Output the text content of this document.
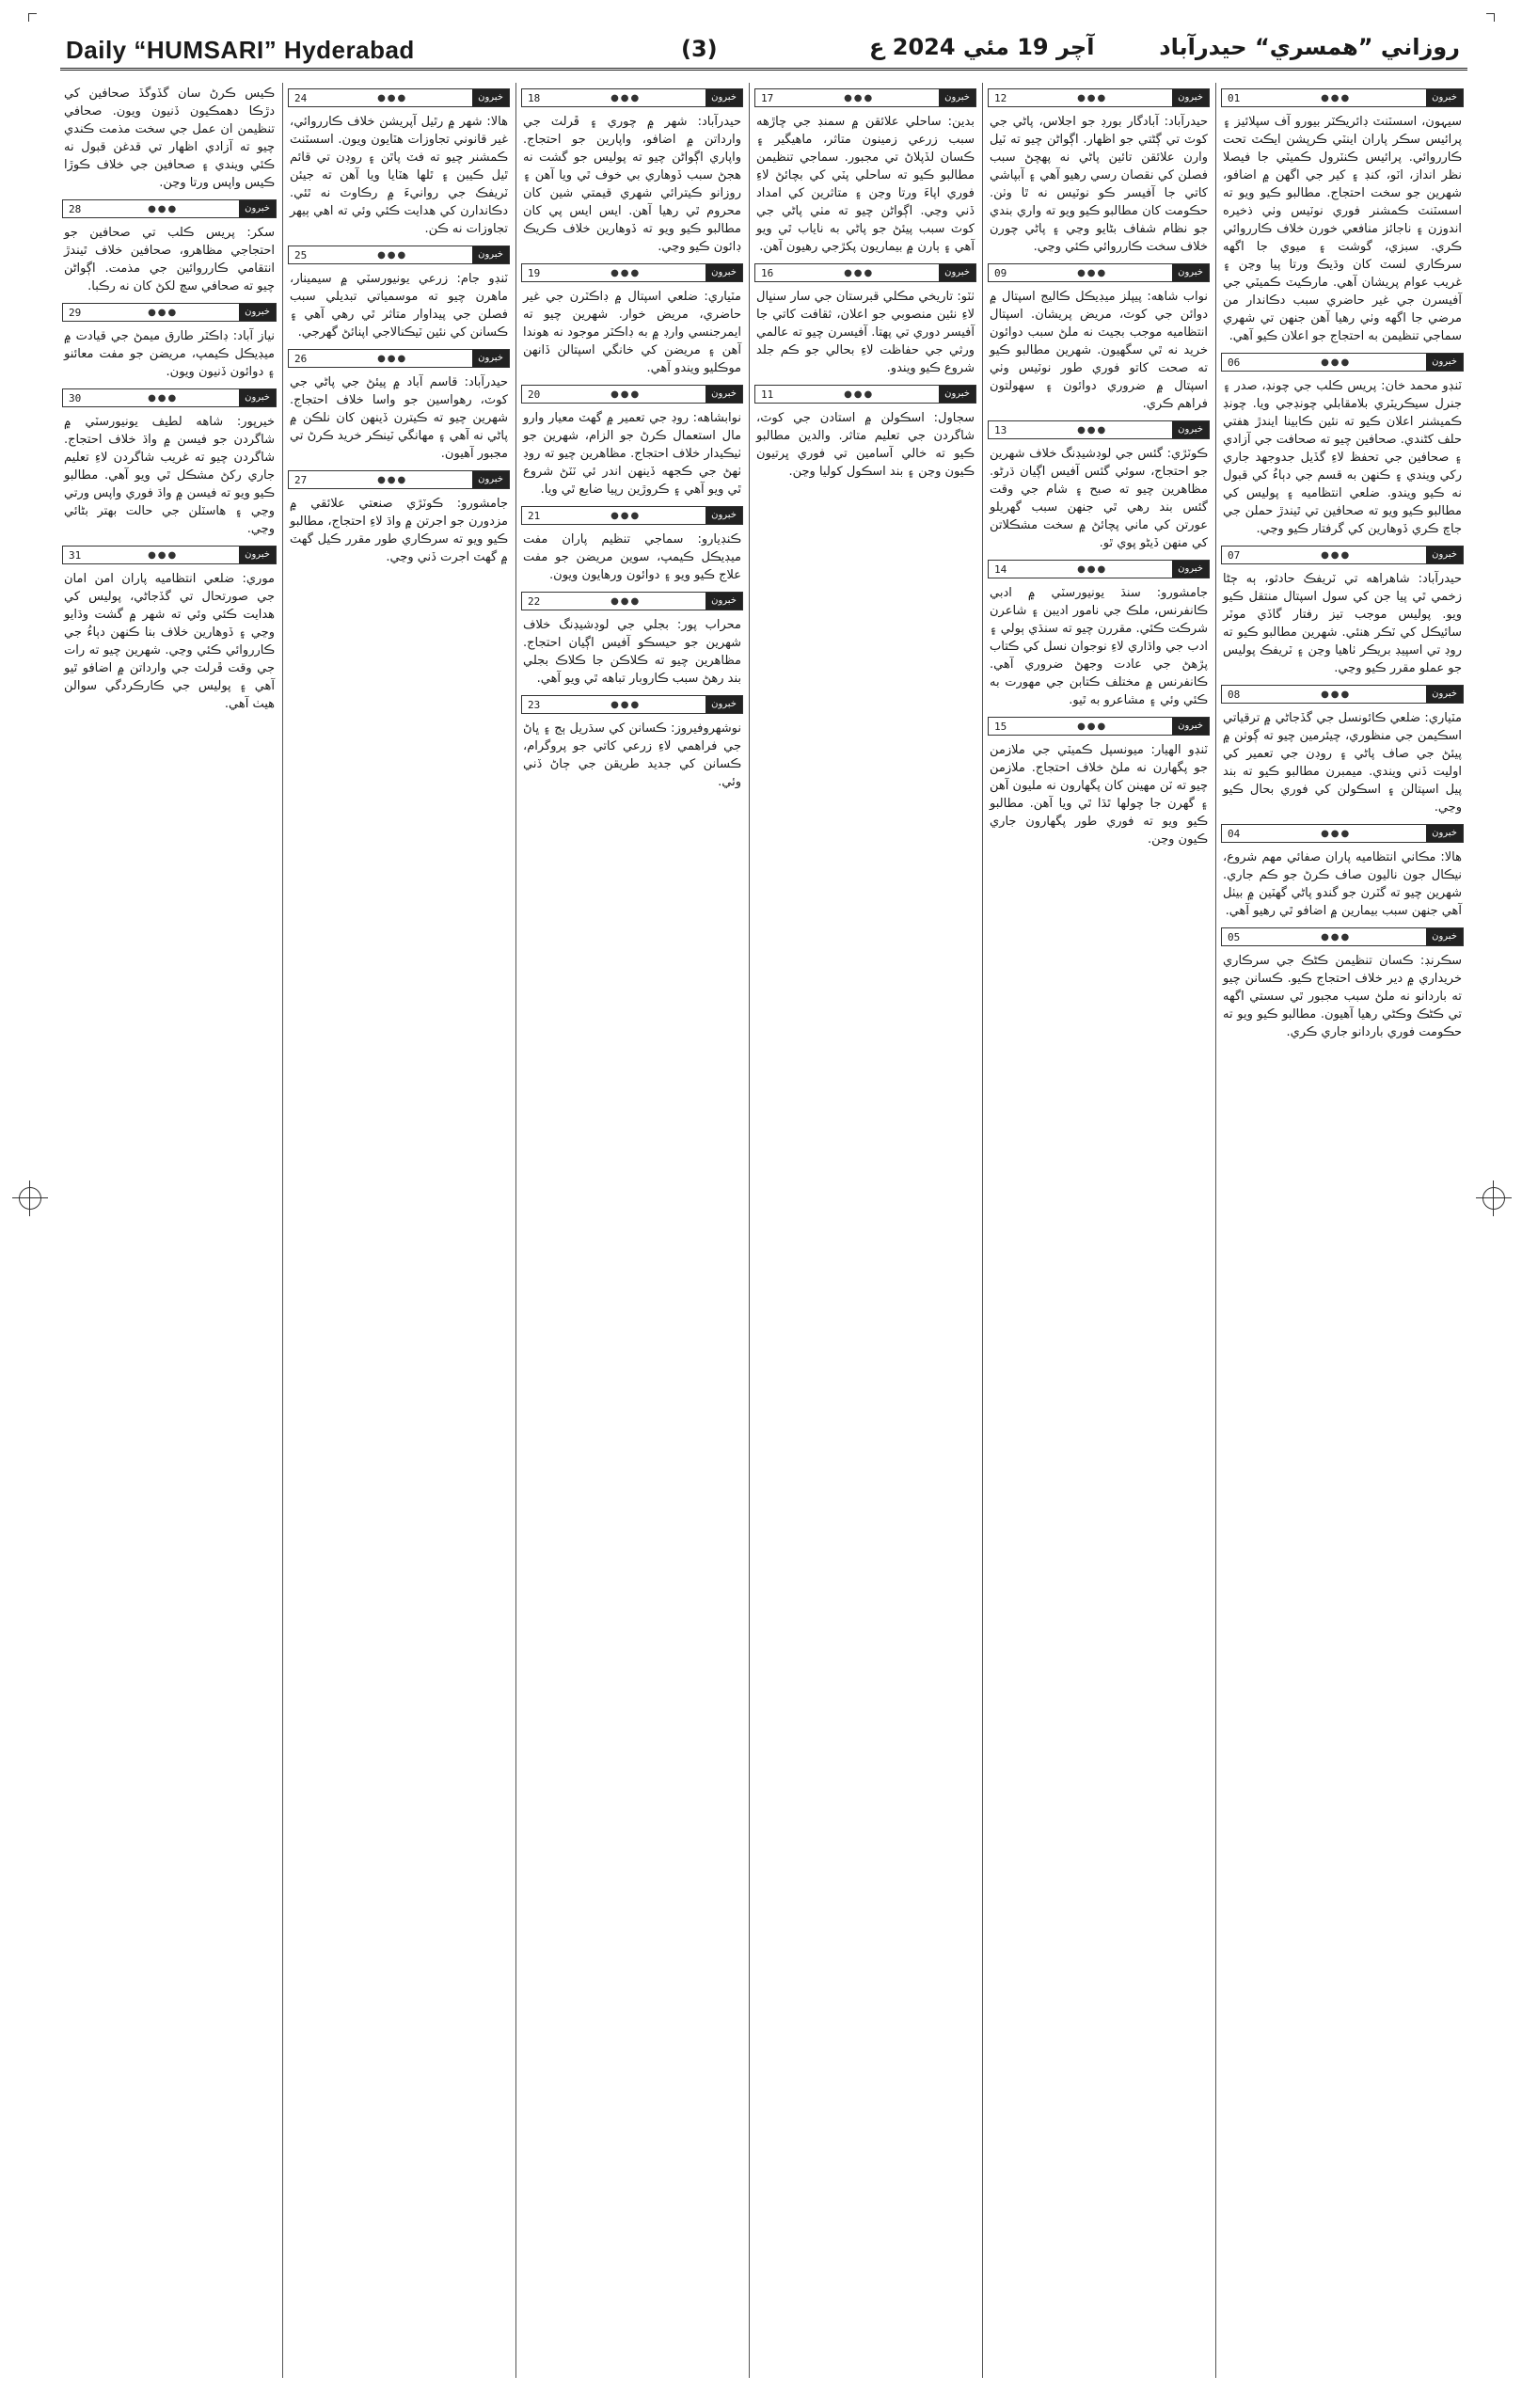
Daily “HUMSARI” Hyderabad	(3)	آچر 19 مئي 2024 ع	روزاني ”همسري“ حيدرآباد
خبرون
●●●
01
سيہون، اسسٽنٽ ڊائريڪٽر بيورو آف سپلائيز ۽ پرائيس سڪر پاران اينٽي ڪرپشن ايڪٽ تحت ڪارروائي. پرائيس ڪنٽرول ڪميٽي جا فيصلا نظر انداز، اٽو، کنڊ ۽ کير جي اگهن ۾ اضافو، شهرين جو سخت احتجاج. مطالبو ڪيو ويو ته اسسٽنٽ ڪمشنر فوري نوٽيس وٺي ذخيره اندوزن ۽ ناجائز منافعي خورن خلاف ڪارروائي ڪري. سبزي، گوشت ۽ ميوي جا اگهه سرڪاري لسٽ کان وڌيڪ ورتا پيا وڃن ۽ غريب عوام پريشان آهي. مارڪيٽ ڪميٽي جي آفيسرن جي غير حاضري سبب دڪاندار من مرضي جا اگهه وٺي رهيا آهن جنهن تي شهري سماجي تنظيمن به احتجاج جو اعلان ڪيو آهي.
خبرون
●●●
06
ٽنڊو محمد خان: پريس ڪلب جي چونڊ، صدر ۽ جنرل سيڪريٽري بلامقابلي چونڊجي ويا. چونڊ ڪميشنر اعلان ڪيو ته نئين ڪابينا ايندڙ هفتي حلف کڻندي. صحافين چيو ته صحافت جي آزادي ۽ صحافين جي تحفظ لاءِ گڏيل جدوجهد جاري رکي ويندي ۽ ڪنهن به قسم جي دٻاءُ کي قبول نه ڪيو ويندو. ضلعي انتظاميه ۽ پوليس کي مطالبو ڪيو ويو ته صحافين تي ٿيندڙ حملن جي جاچ ڪري ڏوهارين کي گرفتار ڪيو وڃي.
خبرون
●●●
07
حيدرآباد: شاهراهه تي ٽريفڪ حادثو، ٻه ڄڻا زخمي ٿي پيا جن کي سول اسپتال منتقل ڪيو ويو. پوليس موجب تيز رفتار گاڏي موٽر سائيڪل کي ٽڪر هنئي. شهرين مطالبو ڪيو ته روڊ تي اسپيڊ بريڪر ٺاهيا وڃن ۽ ٽريفڪ پوليس جو عملو مقرر ڪيو وڃي.
خبرون
●●●
08
مٽياري: ضلعي ڪائونسل جي گڏجاڻي ۾ ترقياتي اسڪيمن جي منظوري، چيئرمين چيو ته ڳوٺن ۾ پيئڻ جي صاف پاڻي ۽ روڊن جي تعمير کي اوليت ڏني ويندي. ميمبرن مطالبو ڪيو ته بند پيل اسپتالن ۽ اسڪولن کي فوري بحال ڪيو وڃي.
خبرون
●●●
04
هالا: مڪاني انتظاميه پاران صفائي مهم شروع، نيڪال جون ناليون صاف ڪرڻ جو ڪم جاري. شهرين چيو ته گٽرن جو گندو پاڻي گهٽين ۾ بيٺل آهي جنهن سبب بيمارين ۾ اضافو ٿي رهيو آهي.
خبرون
●●●
05
سڪرنڊ: ڪسان تنظيمن ڪڻڪ جي سرڪاري خريداري ۾ دير خلاف احتجاج ڪيو. ڪسانن چيو ته باردانو نه ملڻ سبب مجبور ٿي سستي اگهه تي ڪڻڪ وڪڻي رهيا آهيون. مطالبو ڪيو ويو ته حڪومت فوري باردانو جاري ڪري.
خبرون
●●●
12
حيدرآباد: آبادگار بورڊ جو اجلاس، پاڻي جي کوٽ تي ڳڻتي جو اظهار. اڳواڻن چيو ته ٽيل وارن علائقن تائين پاڻي نه پهچڻ سبب فصلن کي نقصان رسي رهيو آهي ۽ آبپاشي کاتي جا آفيسر ڪو نوٽيس نه ٿا وٺن. حڪومت کان مطالبو ڪيو ويو ته واري بندي جو نظام شفاف بڻايو وڃي ۽ پاڻي چورن خلاف سخت ڪارروائي ڪئي وڃي.
خبرون
●●●
09
نواب شاهه: پيپلز ميڊيڪل ڪاليج اسپتال ۾ دوائن جي کوٽ، مريض پريشان. اسپتال انتظاميه موجب بجيٽ نه ملڻ سبب دوائون خريد نه ٿي سگهيون. شهرين مطالبو ڪيو ته صحت کاتو فوري طور نوٽيس وٺي اسپتال ۾ ضروري دوائون ۽ سهولتون فراهم ڪري.
خبرون
●●●
13
ڪوٽڙي: گئس جي لوڊشيڊنگ خلاف شهرين جو احتجاج، سوئي گئس آفيس اڳيان ڌرڻو. مظاهرين چيو ته صبح ۽ شام جي وقت گئس بند رهي ٿي جنهن سبب گهريلو عورتن کي ماني پچائڻ ۾ سخت مشڪلاتن کي منهن ڏيڻو پوي ٿو.
خبرون
●●●
14
جامشورو: سنڌ يونيورسٽي ۾ ادبي ڪانفرنس، ملڪ جي نامور اديبن ۽ شاعرن شرڪت ڪئي. مقررن چيو ته سنڌي ٻولي ۽ ادب جي واڌاري لاءِ نوجوان نسل کي ڪتاب پڙهڻ جي عادت وجهڻ ضروري آهي. ڪانفرنس ۾ مختلف ڪتابن جي مهورت به ڪئي وئي ۽ مشاعرو به ٿيو.
خبرون
●●●
15
ٽنڊو الهيار: ميونسپل ڪميٽي جي ملازمن جو پگهارن نه ملڻ خلاف احتجاج. ملازمن چيو ته ٽن مهينن کان پگهارون نه مليون آهن ۽ گهرن جا چولها ٿڌا ٿي ويا آهن. مطالبو ڪيو ويو ته فوري طور پگهارون جاري ڪيون وڃن.
خبرون
●●●
17
بدين: ساحلي علائقن ۾ سمنڊ جي چاڙهه سبب زرعي زمينون متاثر، ماهيگير ۽ ڪسان لڏپلاڻ تي مجبور. سماجي تنظيمن مطالبو ڪيو ته ساحلي پٽي کي بچائڻ لاءِ فوري اپاءَ ورتا وڃن ۽ متاثرين کي امداد ڏني وڃي. اڳواڻن چيو ته مٺي پاڻي جي کوٽ سبب پيئڻ جو پاڻي به ناياب ٿي ويو آهي ۽ ٻارن ۾ بيماريون پکڙجي رهيون آهن.
خبرون
●●●
16
ٺٽو: تاريخي مڪلي قبرستان جي سار سنڀال لاءِ نئين منصوبي جو اعلان، ثقافت کاتي جا آفيسر دوري تي پهتا. آفيسرن چيو ته عالمي ورثي جي حفاظت لاءِ بحالي جو ڪم جلد شروع ڪيو ويندو.
خبرون
●●●
11
سجاول: اسڪولن ۾ استادن جي کوٽ، شاگردن جي تعليم متاثر. والدين مطالبو ڪيو ته خالي آسامين تي فوري ڀرتيون ڪيون وڃن ۽ بند اسڪول کوليا وڃن.
خبرون
●●●
18
حيدرآباد: شهر ۾ چوري ۽ ڦرلٽ جي وارداتن ۾ اضافو، واپارين جو احتجاج. واپاري اڳواڻن چيو ته پوليس جو گشت نه هجڻ سبب ڏوهاري بي خوف ٿي ويا آهن ۽ روزانو ڪيترائي شهري قيمتي شين کان محروم ٿي رهيا آهن. ايس ايس پي کان مطالبو ڪيو ويو ته ڏوهارين خلاف ڪريڪ ڊائون ڪيو وڃي.
خبرون
●●●
19
مٽياري: ضلعي اسپتال ۾ ڊاڪٽرن جي غير حاضري، مريض خوار. شهرين چيو ته ايمرجنسي وارڊ ۾ به ڊاڪٽر موجود نه هوندا آهن ۽ مريضن کي خانگي اسپتالن ڏانهن موڪليو ويندو آهي.
خبرون
●●●
20
نوابشاهه: روڊ جي تعمير ۾ گهٽ معيار وارو مال استعمال ڪرڻ جو الزام، شهرين جو ٺيڪيدار خلاف احتجاج. مظاهرين چيو ته روڊ ٺهڻ جي ڪجهه ڏينهن اندر ئي ٽٽڻ شروع ٿي ويو آهي ۽ ڪروڙين رپيا ضايع ٿي ويا.
خبرون
●●●
21
ڪنڊيارو: سماجي تنظيم پاران مفت ميڊيڪل ڪيمپ، سوين مريضن جو مفت علاج ڪيو ويو ۽ دوائون ورهايون ويون.
خبرون
●●●
22
محراب پور: بجلي جي لوڊشيڊنگ خلاف شهرين جو حيسڪو آفيس اڳيان احتجاج. مظاهرين چيو ته ڪلاڪن جا ڪلاڪ بجلي بند رهڻ سبب ڪاروبار تباهه ٿي ويو آهي.
خبرون
●●●
23
نوشهروفيروز: ڪسانن کي سڌريل ٻج ۽ ڀاڻ جي فراهمي لاءِ زرعي کاتي جو پروگرام، ڪسانن کي جديد طريقن جي ڄاڻ ڏني وئي.
خبرون
●●●
24
هالا: شهر ۾ رٿيل آپريشن خلاف ڪارروائي، غير قانوني تجاوزات هٽايون ويون. اسسٽنٽ ڪمشنر چيو ته فٽ پاٿن ۽ روڊن تي قائم ٿيل ڪيبن ۽ ٿلها هٽايا ويا آهن ته جيئن ٽريفڪ جي روانيءَ ۾ رڪاوٽ نه ٿئي. دڪاندارن کي هدايت ڪئي وئي ته اهي ٻيهر تجاوزات نه ڪن.
خبرون
●●●
25
ٽنڊو جام: زرعي يونيورسٽي ۾ سيمينار، ماهرن چيو ته موسمياتي تبديلي سبب فصلن جي پيداوار متاثر ٿي رهي آهي ۽ ڪسانن کي نئين ٽيڪنالاجي اپنائڻ گهرجي.
خبرون
●●●
26
حيدرآباد: قاسم آباد ۾ پيئڻ جي پاڻي جي کوٽ، رهواسين جو واسا خلاف احتجاج. شهرين چيو ته ڪيترن ڏينهن کان نلڪن ۾ پاڻي نه آهي ۽ مهانگي ٽينڪر خريد ڪرڻ تي مجبور آهيون.
خبرون
●●●
27
جامشورو: ڪوٽڙي صنعتي علائقي ۾ مزدورن جو اجرتن ۾ واڌ لاءِ احتجاج، مطالبو ڪيو ويو ته سرڪاري طور مقرر ڪيل گهٽ ۾ گهٽ اجرت ڏني وڃي.
ڪيس ڪرڻ سان گڏوگڏ صحافين کي دڙڪا دهمڪيون ڏنيون ويون. صحافي تنظيمن ان عمل جي سخت مذمت ڪندي چيو ته آزادي اظهار تي قدغن قبول نه ڪئي ويندي ۽ صحافين جي خلاف ڪوڙا ڪيس واپس ورتا وڃن.
خبرون
●●●
28
سکر: پريس ڪلب تي صحافين جو احتجاجي مظاهرو، صحافين خلاف ٿيندڙ انتقامي ڪارروائين جي مذمت. اڳواڻن چيو ته صحافي سچ لکڻ کان نه رڪبا.
خبرون
●●●
29
نياز آباد: ڊاڪٽر طارق ميمڻ جي قيادت ۾ ميڊيڪل ڪيمپ، مريضن جو مفت معائنو ۽ دوائون ڏنيون ويون.
خبرون
●●●
30
خيرپور: شاهه لطيف يونيورسٽي ۾ شاگردن جو فيسن ۾ واڌ خلاف احتجاج. شاگردن چيو ته غريب شاگردن لاءِ تعليم جاري رکڻ مشڪل ٿي ويو آهي. مطالبو ڪيو ويو ته فيسن ۾ واڌ فوري واپس ورتي وڃي ۽ هاسٽلن جي حالت بهتر بڻائي وڃي.
خبرون
●●●
31
موري: ضلعي انتظاميه پاران امن امان جي صورتحال تي گڏجاڻي، پوليس کي هدايت ڪئي وئي ته شهر ۾ گشت وڌايو وڃي ۽ ڏوهارين خلاف بنا ڪنهن دٻاءُ جي ڪارروائي ڪئي وڃي. شهرين چيو ته رات جي وقت ڦرلٽ جي وارداتن ۾ اضافو ٿيو آهي ۽ پوليس جي ڪارڪردگي سوالن هيٺ آهي.
